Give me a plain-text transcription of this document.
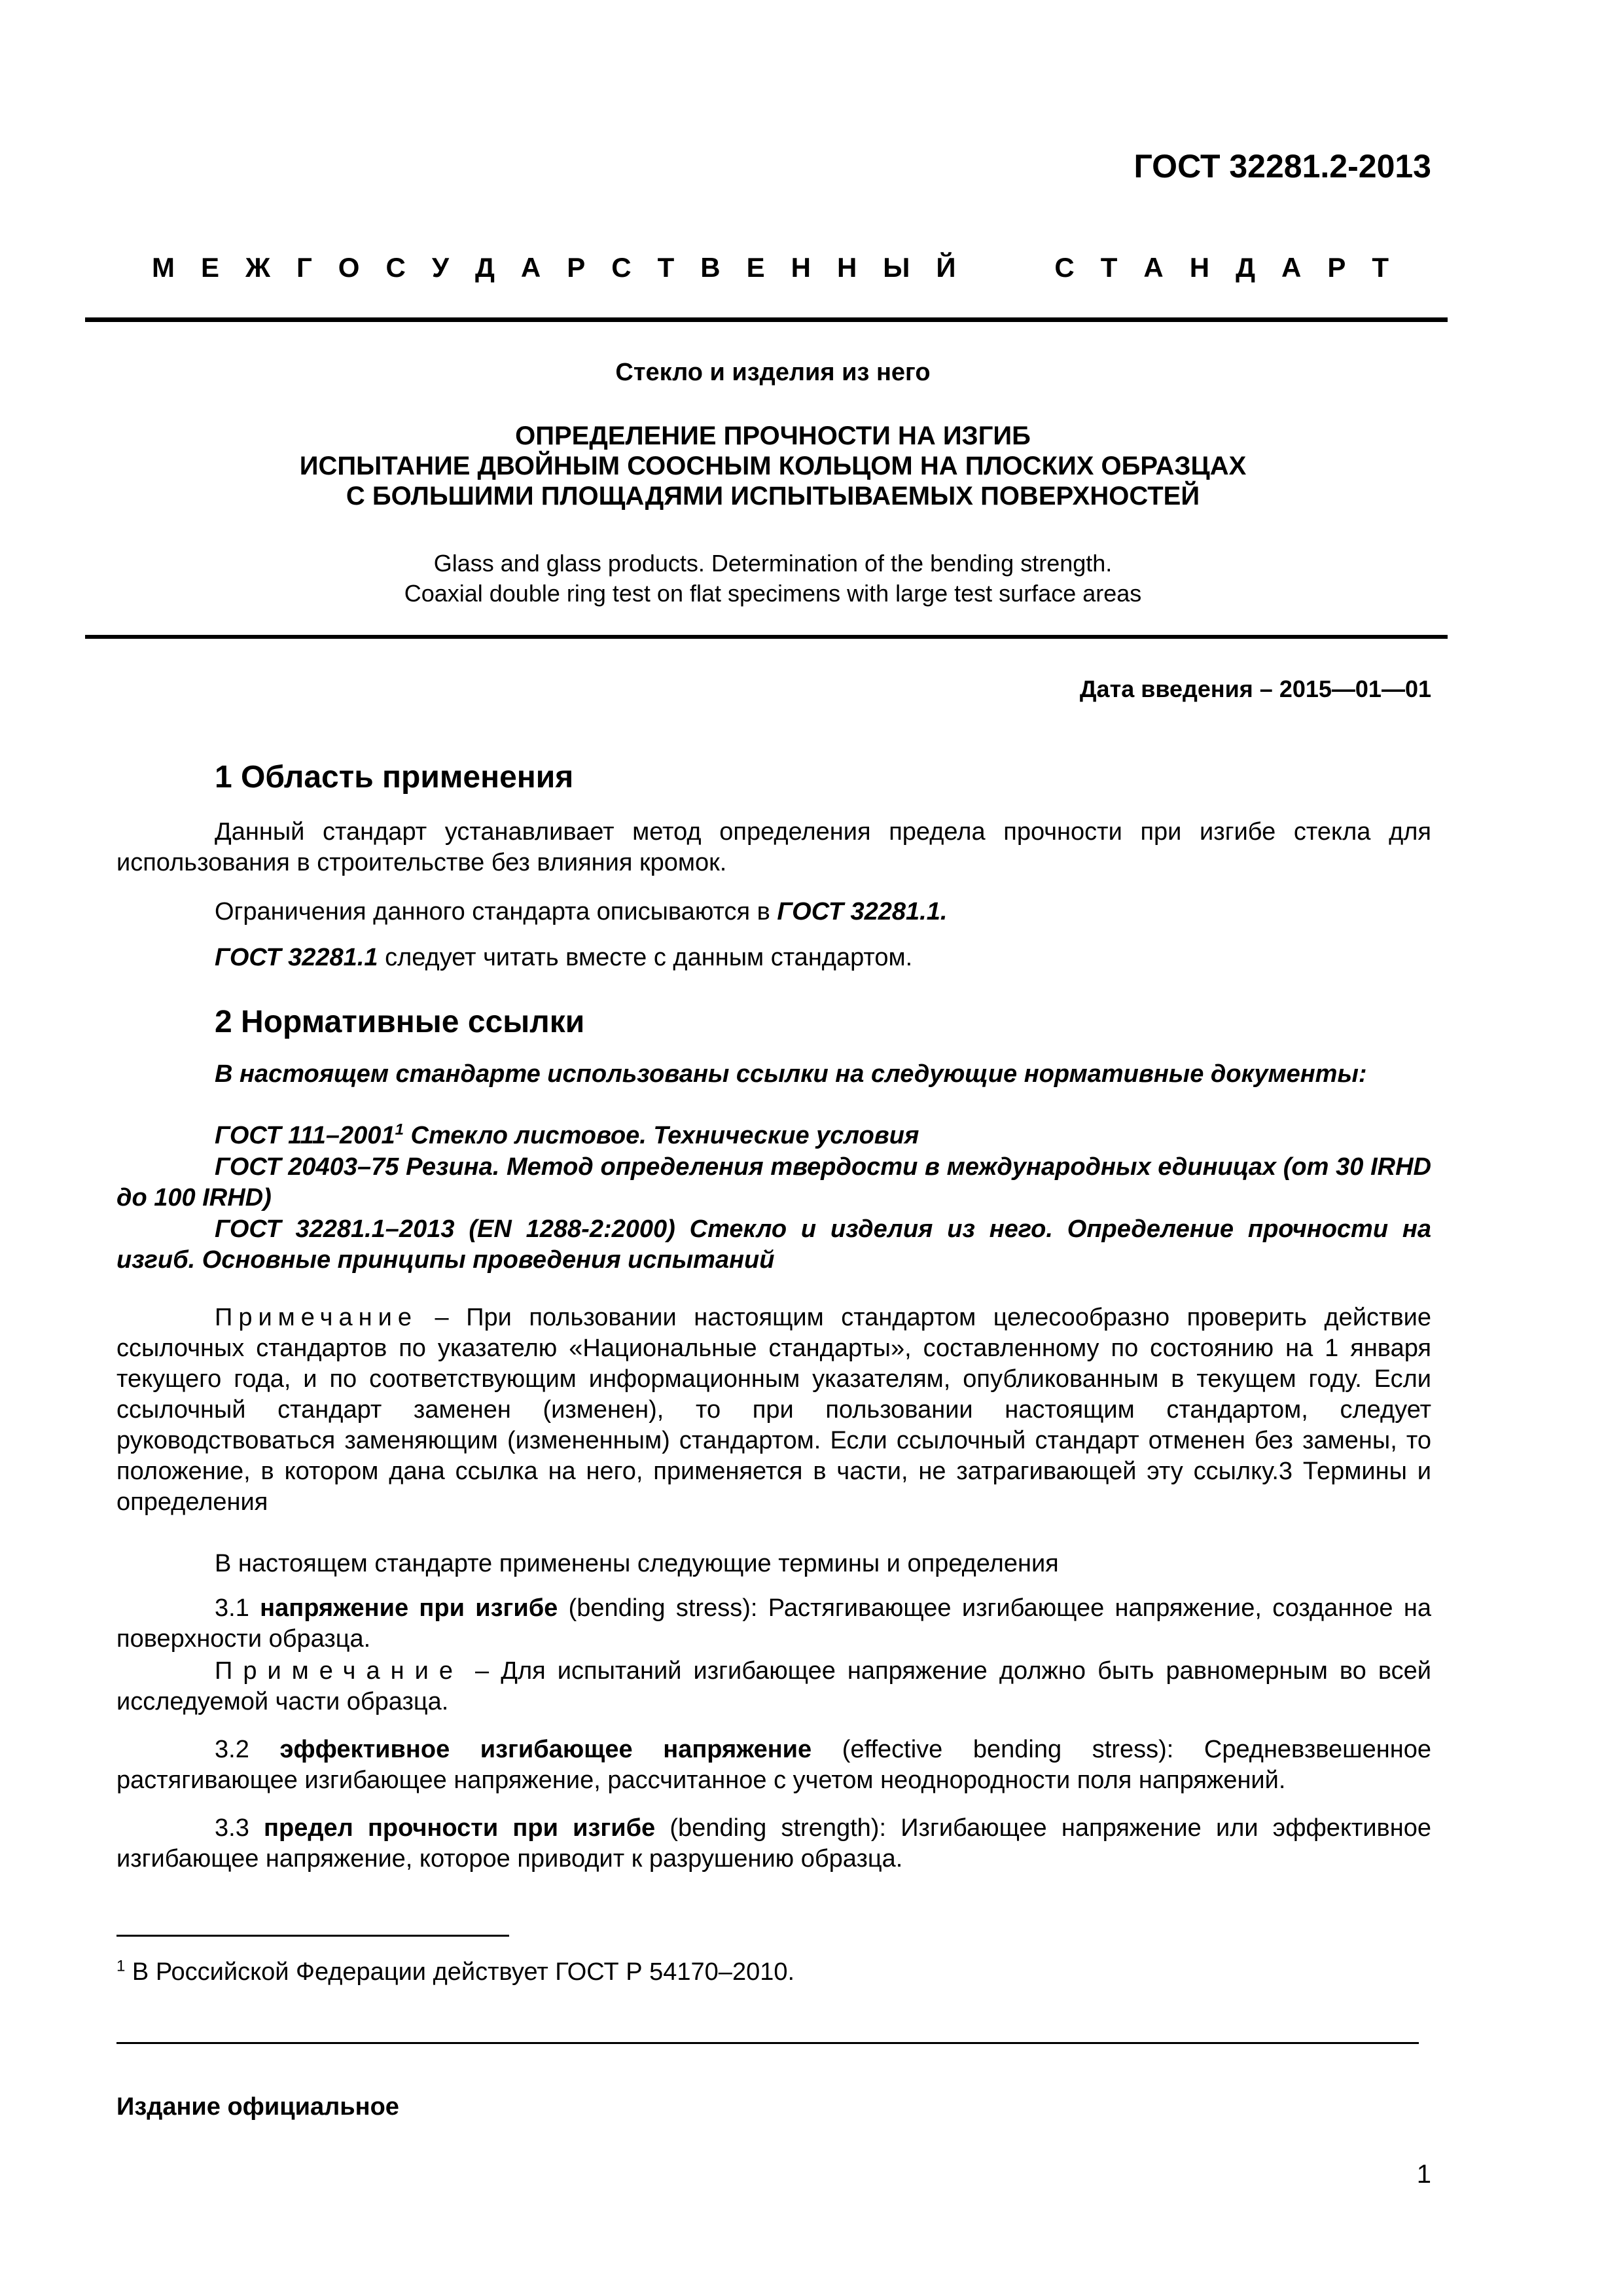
ГОСТ 32281.2-2013
М Е Ж Г О С У Д А Р С Т В Е Н Н Ы Й	С Т А Н Д А Р Т
Стекло и изделия из него
ОПРЕДЕЛЕНИЕ ПРОЧНОСТИ НА ИЗГИБ
ИСПЫТАНИЕ ДВОЙНЫМ СООСНЫМ КОЛЬЦОМ НА ПЛОСКИХ ОБРАЗЦАХ
С БОЛЬШИМИ ПЛОЩАДЯМИ ИСПЫТЫВАЕМЫХ ПОВЕРХНОСТЕЙ
Glass and glass products. Determination of the bending strength.
Coaxial double ring test on flat specimens with large test surface areas
Дата введения – 2015—01—01
1 Область применения
Данный стандарт устанавливает метод определения предела прочности при изгибе стекла для использования в строительстве без влияния кромок.
Ограничения данного стандарта описываются в ГОСТ 32281.1.
ГОСТ 32281.1 следует читать вместе с данным стандартом.
2 Нормативные ссылки
В настоящем стандарте использованы ссылки на следующие нормативные документы:
ГОСТ 111–2001$^1$ Стекло листовое. Технические условия
ГОСТ 20403–75 Резина. Метод определения твердости в международных единицах (от 30 IRHD до 100 IRHD)
ГОСТ 32281.1–2013 (EN 1288-2:2000) Стекло и изделия из него. Определение прочности на изгиб. Основные принципы проведения испытаний
Примечание – При пользовании настоящим стандартом целесообразно проверить действие ссылочных стандартов по указателю «Национальные стандарты», составленному по состоянию на 1 января текущего года, и по соответствующим информационным указателям, опубликованным в текущем году. Если ссылочный стандарт заменен (изменен), то при пользовании настоящим стандартом, следует руководствоваться заменяющим (измененным) стандартом. Если ссылочный стандарт отменен без замены, то положение, в котором дана ссылка на него, применяется в части, не затрагивающей эту ссылку.3 Термины и определения
В настоящем стандарте применены следующие термины и определения
3.1 напряжение при изгибе (bending stress): Растягивающее изгибающее напряжение, созданное на поверхности образца.
Примечание – Для испытаний изгибающее напряжение должно быть равномерным во всей исследуемой части образца.
3.2 эффективное изгибающее напряжение (effective bending stress): Средневзвешенное растягивающее изгибающее напряжение, рассчитанное с учетом неоднородности поля напряжений.
3.3 предел прочности при изгибе (bending strength): Изгибающее напряжение или эффективное изгибающее напряжение, которое приводит к разрушению образца.
$^1$ В Российской Федерации действует ГОСТ Р 54170–2010.
Издание официальное
1
